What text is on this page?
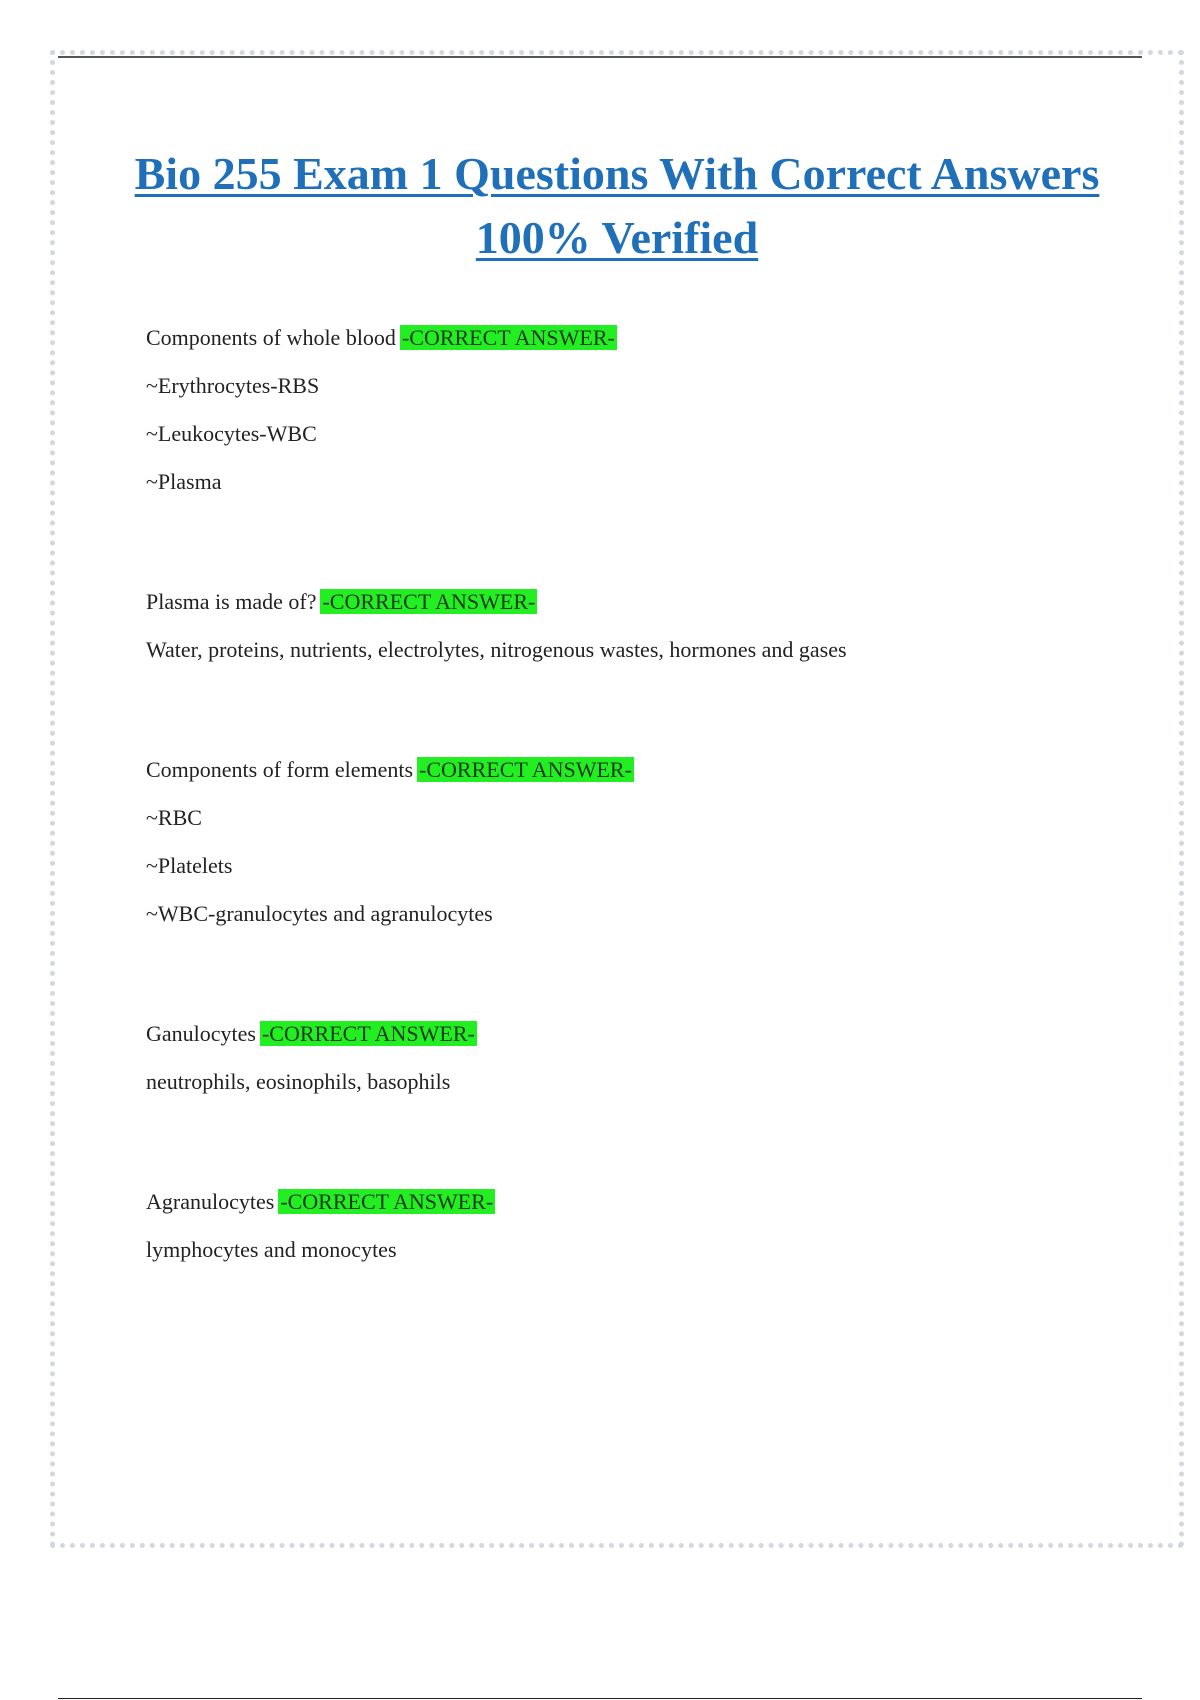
Bio 255 Exam 1 Questions With Correct Answers 100% Verified
Components of whole blood -CORRECT ANSWER-
~Erythrocytes-RBS
~Leukocytes-WBC
~Plasma
Plasma is made of? -CORRECT ANSWER-
Water, proteins, nutrients, electrolytes, nitrogenous wastes, hormones and gases
Components of form elements -CORRECT ANSWER-
~RBC
~Platelets
~WBC-granulocytes and agranulocytes
Ganulocytes -CORRECT ANSWER-
neutrophils, eosinophils, basophils
Agranulocytes -CORRECT ANSWER-
lymphocytes and monocytes
